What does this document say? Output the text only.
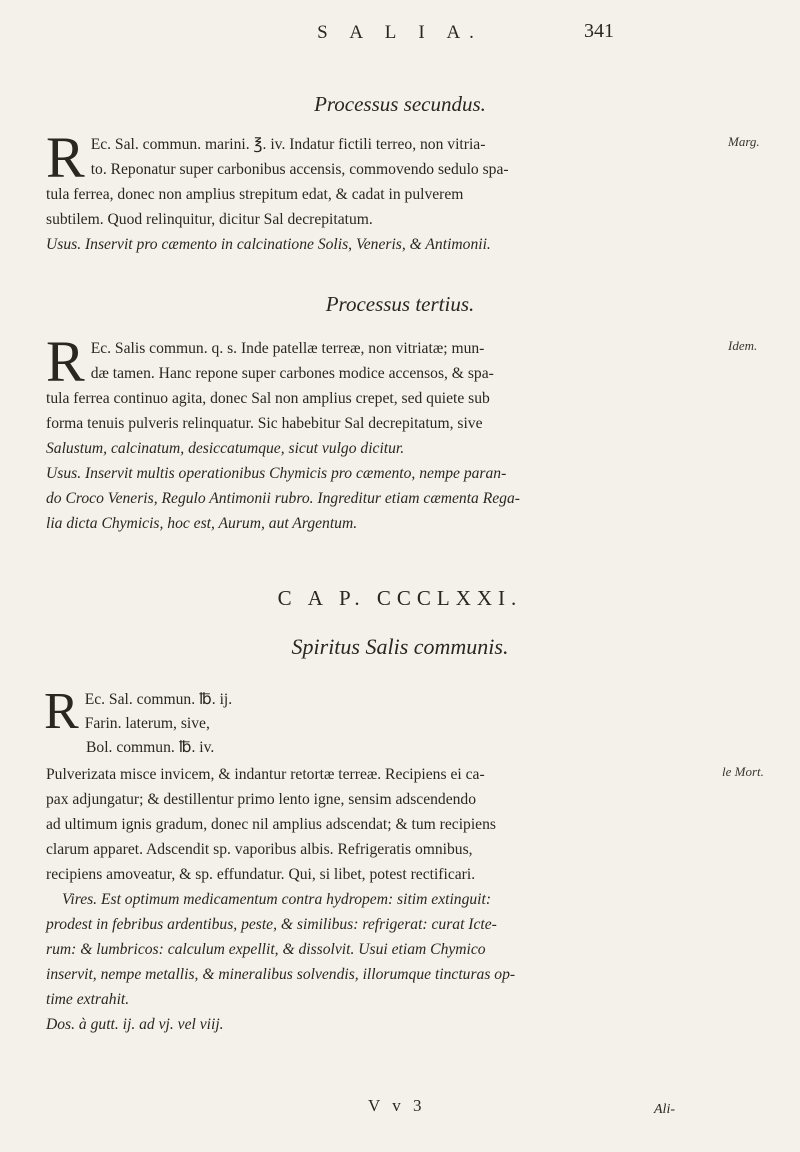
S A L I A.	341
Processus secundus.
R Ec. Sal. commun. marini. ℥. iv. Indatur fictili terreo, non vitria-
to. Reponatur super carbonibus accensis, commovendo sedulo spa-
tula ferrea, donec non amplius strepitum edat, & cadat in pulverem
subtilem. Quod relinquitur, dicitur Sal decrepitatum.
Usus. Inservit pro cæmento in calcinatione Solis, Veneris, & Antimonii.
Marg.
Processus tertius.
R Ec. Salis commun. q. s. Inde patellæ terreæ, non vitriatæ; mun-
dæ tamen. Hanc repone super carbones modice accensos, & spa-
tula ferrea continuo agita, donec Sal non amplius crepet, sed quiete sub
forma tenuis pulveris relinquatur. Sic habebitur Sal decrepitatum, sive
Salustum, calcinatum, desiccatumque, sicut vulgo dicitur.
Usus. Inservit multis operationibus Chymicis pro cæmento, nempe paran-
do Croco Veneris, Regulo Antimonii rubro. Ingreditur etiam cæmenta Rega-
lia dicta Chymicis, hoc est, Aurum, aut Argentum.
Idem.
C A P. CCCLXXI.
Spiritus Salis communis.
R Ec. Sal. commun. ℔. ij.
Farin. laterum, sive,
Bol. commun. ℔. iv.
Pulverizata misce invicem, & indantur retortæ terreæ. Recipiens ei ca-
pax adjungatur; & destillentur primo lento igne, sensim adscendendo
ad ultimum ignis gradum, donec nil amplius adscendat; & tum recipiens
clarum apparet. Adscendit sp. vaporibus albis. Refrigeratis omnibus,
recipiens amoveatur, & sp. effundatur. Qui, si libet, potest rectificari.
Vires. Est optimum medicamentum contra hydropem: sitim extinguit:
prodest in febribus ardentibus, peste, & similibus: refrigerat: curat Icte-
rum: & lumbricos: calculum expellit, & dissolvit. Usui etiam Chymico
inservit, nempe metallis, & mineralibus solvendis, illorumque tincturas op-
time extrahit.
Dos. à gutt. ij. ad vj. vel viij.
le Mort.
V v 3	Ali-
